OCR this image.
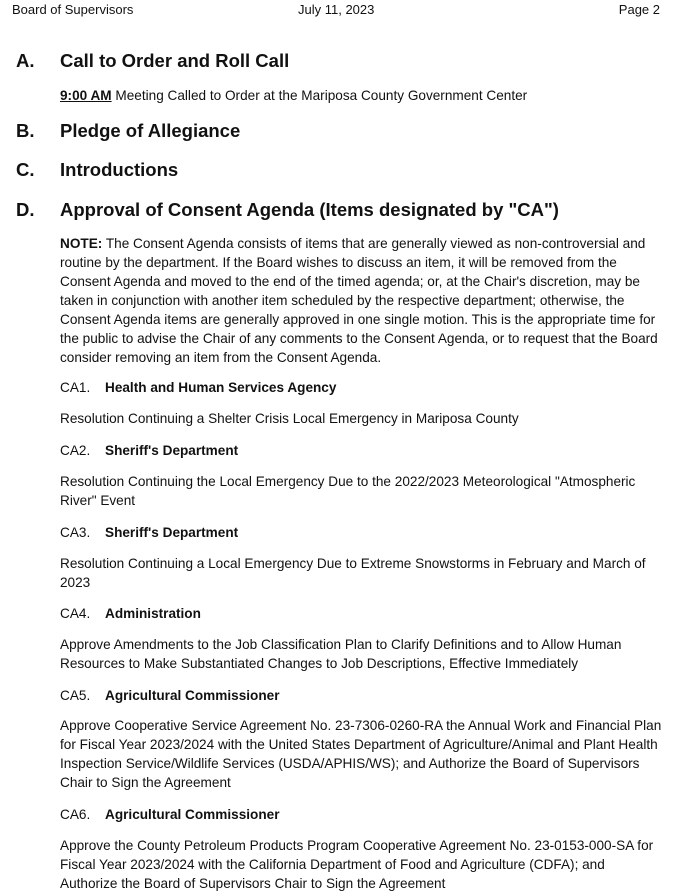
Board of Supervisors	July 11, 2023	Page 2
A. Call to Order and Roll Call
9:00 AM Meeting Called to Order at the Mariposa County Government Center
B. Pledge of Allegiance
C. Introductions
D. Approval of Consent Agenda (Items designated by "CA")
NOTE: The Consent Agenda consists of items that are generally viewed as non-controversial and routine by the department. If the Board wishes to discuss an item, it will be removed from the Consent Agenda and moved to the end of the timed agenda; or, at the Chair's discretion, may be taken in conjunction with another item scheduled by the respective department; otherwise, the Consent Agenda items are generally approved in one single motion. This is the appropriate time for the public to advise the Chair of any comments to the Consent Agenda, or to request that the Board consider removing an item from the Consent Agenda.
CA1. Health and Human Services Agency
Resolution Continuing a Shelter Crisis Local Emergency in Mariposa County
CA2. Sheriff's Department
Resolution Continuing the Local Emergency Due to the 2022/2023 Meteorological "Atmospheric River" Event
CA3. Sheriff's Department
Resolution Continuing a Local Emergency Due to Extreme Snowstorms in February and March of 2023
CA4. Administration
Approve Amendments to the Job Classification Plan to Clarify Definitions and to Allow Human Resources to Make Substantiated Changes to Job Descriptions, Effective Immediately
CA5. Agricultural Commissioner
Approve Cooperative Service Agreement No. 23-7306-0260-RA the Annual Work and Financial Plan for Fiscal Year 2023/2024 with the United States Department of Agriculture/Animal and Plant Health Inspection Service/Wildlife Services (USDA/APHIS/WS); and Authorize the Board of Supervisors Chair to Sign the Agreement
CA6. Agricultural Commissioner
Approve the County Petroleum Products Program Cooperative Agreement No. 23-0153-000-SA for Fiscal Year 2023/2024 with the California Department of Food and Agriculture (CDFA); and Authorize the Board of Supervisors Chair to Sign the Agreement
